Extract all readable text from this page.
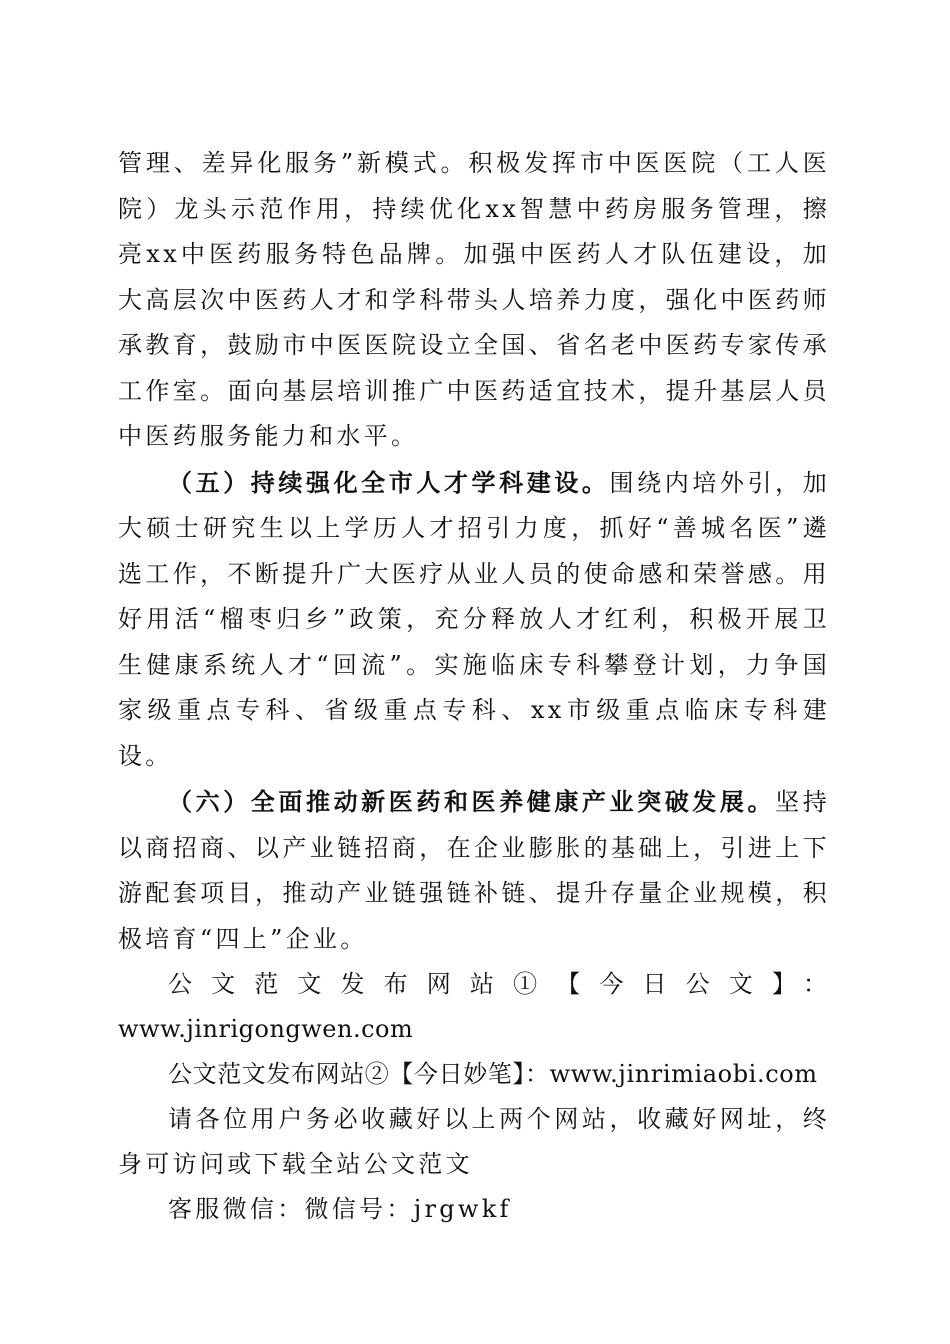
管理、差异化服务”新模式。积极发挥市中医医院（工人医院）龙头示范作用，持续优化xx智慧中药房服务管理，擦亮xx中医药服务特色品牌。加强中医药人才队伍建设，加大高层次中医药人才和学科带头人培养力度，强化中医药师承教育，鼓励市中医医院设立全国、省名老中医药专家传承工作室。面向基层培训推广中医药适宜技术，提升基层人员中医药服务能力和水平。

（五）持续强化全市人才学科建设。围绕内培外引，加大硕士研究生以上学历人才招引力度，抓好“善城名医”遴选工作，不断提升广大医疗从业人员的使命感和荣誉感。用好用活“榴枣归乡”政策，充分释放人才红利，积极开展卫生健康系统人才“回流”。实施临床专科攀登计划，力争国家级重点专科、省级重点专科、xx市级重点临床专科建设。

（六）全面推动新医药和医养健康产业突破发展。坚持以商招商、以产业链招商，在企业膨胀的基础上，引进上下游配套项目，推动产业链强链补链、提升存量企业规模，积极培育“四上”企业。

公文范文发布网站①【今日公文】：

www.jinrigongwen.com

公文范文发布网站②【今日妙笔】：www.jinrimiaobi.com

请各位用户务必收藏好以上两个网站，收藏好网址，终身可访问或下载全站公文范文

客服微信：微信号：jrgwkf
